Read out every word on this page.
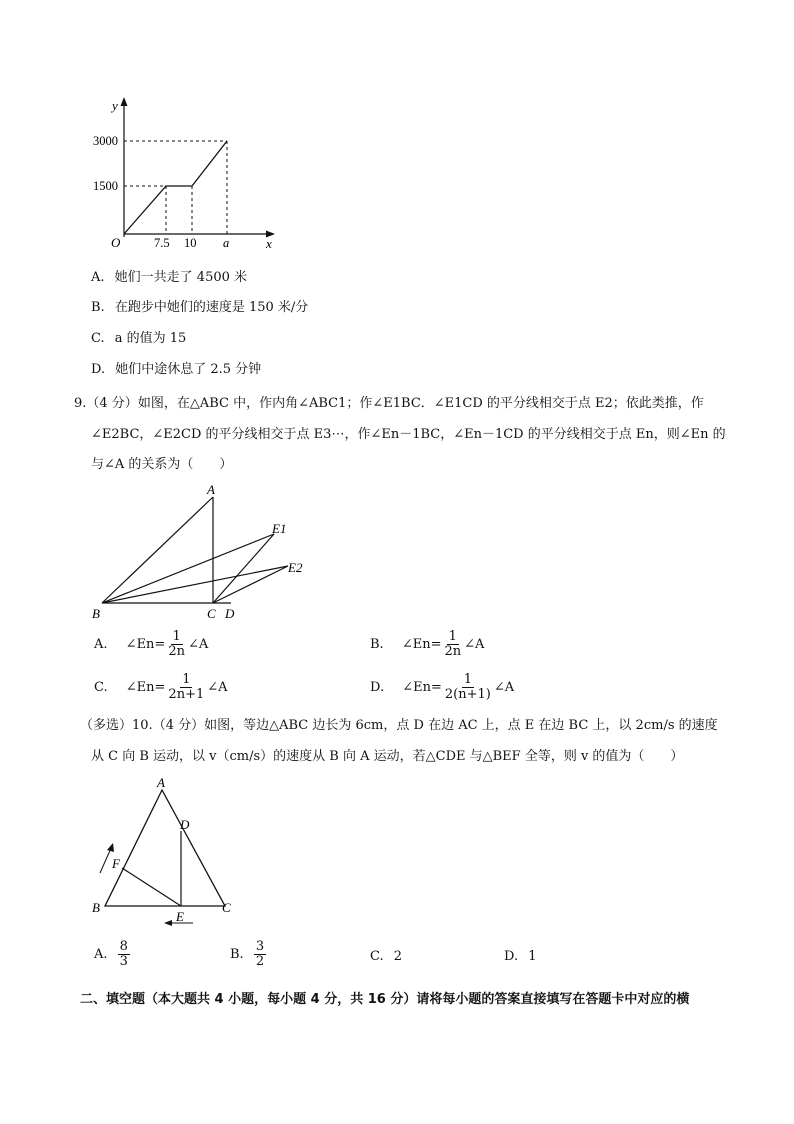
y
x
O
3000
1500
7.5 10 a
A. 她们一共走了 4500 米
B. 在跑步中她们的速度是 150 米/分
C. a 的值为 15
D. 她们中途休息了 2.5 分钟
9.（4 分）如图，在△ABC 中，作内角∠ABC1；作∠E1BC．∠E1CD 的平分线相交于点 E2；依此类推，作
∠E2BC，∠E2CD 的平分线相交于点 E3⋯，作∠En－1BC，∠En－1CD 的平分线相交于点 En，则∠En 的
与∠A 的关系为（　　）
A
B	C D
E1
E2
A. ∠En= $\frac{1}{2n}$ ∠A	B. ∠En= $\frac{1}{2n}$ ∠A
C. ∠En= $\frac{1}{2n+1}$ ∠A	D. ∠En= $\frac{1}{2(n+1)}$ ∠A
（多选）10.（4 分）如图，等边△ABC 边长为 6cm，点 D 在边 AC 上，点 E 在边 BC 上，以 2cm/s 的速度
从 C 向 B 运动，以 v（cm/s）的速度从 B 向 A 运动，若△CDE 与△BEF 全等，则 v 的值为（　　）
A
B	C
D
E
F
A. $\frac{8}{3}$	B. $\frac{3}{2}$	C. 2	D. 1
二、填空题（本大题共 4 小题，每小题 4 分，共 16 分）请将每小题的答案直接填写在答题卡中对应的横
